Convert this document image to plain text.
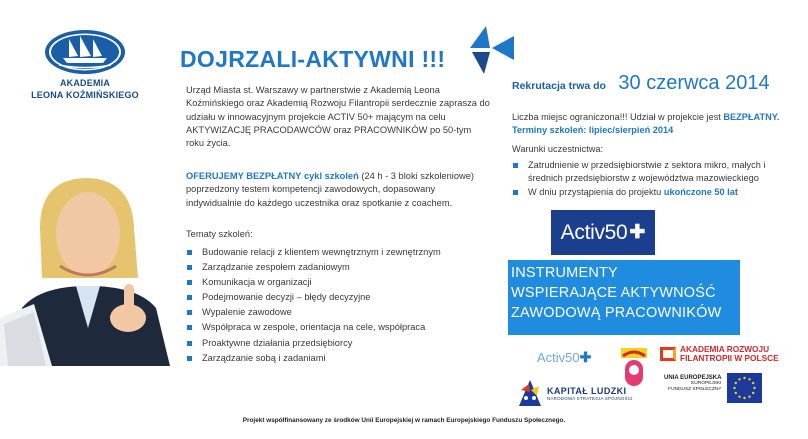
AKADEMIA
LEONA KOŹMIŃSKIEGO
DOJRZALI-AKTYWNI !!!
Urząd Miasta st. Warszawy w partnerstwie z Akademią Leona Koźmińskiego oraz Akademią Rozwoju Filantropii serdecznie zaprasza do udziału w innowacyjnym projekcie ACTIV 50+ mającym na celu AKTYWIZACJĘ PRACODAWCÓW oraz PRACOWNIKÓW po 50-tym roku życia.
OFERUJEMY BEZPŁATNY cykl szkoleń (24 h - 3 bloki szkoleniowe) poprzedzony testem kompetencji zawodowych, dopasowany indywidualnie do każdego uczestnika oraz spotkanie z coachem.
Tematy szkoleń:
Budowanie relacji z klientem wewnętrznym i zewnętrznym
Zarządzanie zespołem zadaniowym
Komunikacja w organizacji
Podejmowanie decyzji – błędy decyzyjne
Wypalenie zawodowe
Współpraca w zespole, orientacja na cele, współpraca
Proaktywne działania przedsiębiorcy
Zarządzanie sobą i zadaniami
Rekrutacja trwa do 30 czerwca 2014
Liczba miejsc ograniczona!!! Udział w projekcie jest BEZPŁATNY.
Terminy szkoleń: lipiec/sierpień 2014
Warunki uczestnictwa:
Zatrudnienie w przedsiębiorstwie z sektora mikro, małych i średnich przedsiębiorstw z województwa mazowieckiego
W dniu przystąpienia do projektu ukończone 50 lat
Activ50 ✚
INSTRUMENTY
WSPIERAJĄCE AKTYWNOŚĆ
ZAWODOWĄ PRACOWNIKÓW
Activ50✚	AKADEMIA ROZWOJU
FILANTROPII W POLSCE
KAPITAŁ LUDZKI
NARODOWA STRATEGIA SPÓJNOŚCI
UNIA EUROPEJSKA
EUROPEJSKI
FUNDUSZ SPOŁECZNY
Projekt współfinansowany ze środków Unii Europejskiej w ramach Europejskiego Funduszu Społecznego.
